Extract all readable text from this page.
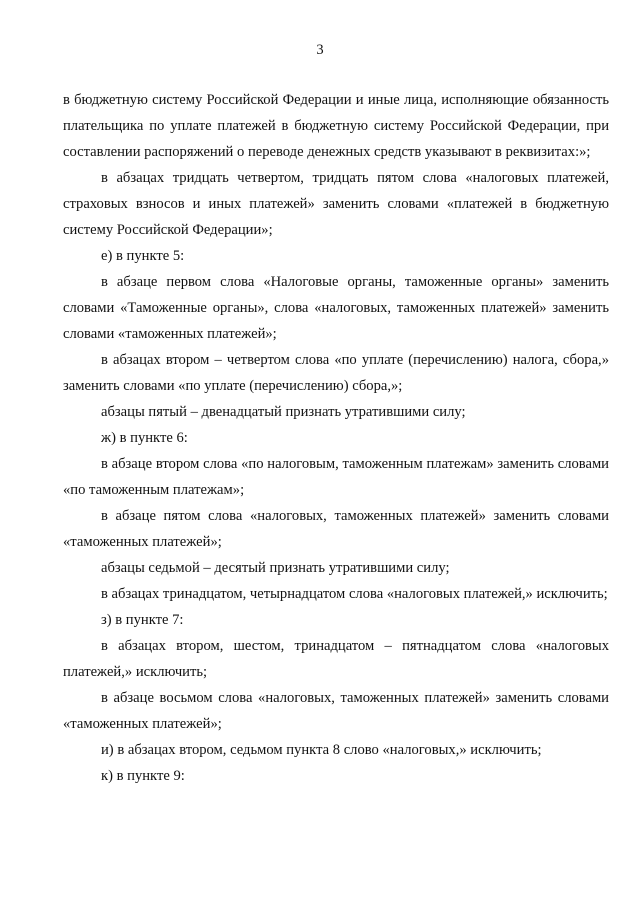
3

в бюджетную систему Российской Федерации и иные лица, исполняющие обязанность плательщика по уплате платежей в бюджетную систему Российской Федерации, при составлении распоряжений о переводе денежных средств указывают в реквизитах:»;

в абзацах тридцать четвертом, тридцать пятом слова «налоговых платежей, страховых взносов и иных платежей» заменить словами «платежей в бюджетную систему Российской Федерации»;

е) в пункте 5:

в абзаце первом слова «Налоговые органы, таможенные органы» заменить словами «Таможенные органы», слова «налоговых, таможенных платежей» заменить словами «таможенных платежей»;

в абзацах втором – четвертом слова «по уплате (перечислению) налога, сбора,» заменить словами «по уплате (перечислению) сбора,»;

абзацы пятый – двенадцатый признать утратившими силу;

ж) в пункте 6:

в абзаце втором слова «по налоговым, таможенным платежам» заменить словами «по таможенным платежам»;

в абзаце пятом слова «налоговых, таможенных платежей» заменить словами «таможенных платежей»;

абзацы седьмой – десятый признать утратившими силу;

в абзацах тринадцатом, четырнадцатом слова «налоговых платежей,» исключить;

з) в пункте 7:

в абзацах втором, шестом, тринадцатом – пятнадцатом слова «налоговых платежей,» исключить;

в абзаце восьмом слова «налоговых, таможенных платежей» заменить словами «таможенных платежей»;

и) в абзацах втором, седьмом пункта 8 слово «налоговых,» исключить;

к) в пункте 9:
